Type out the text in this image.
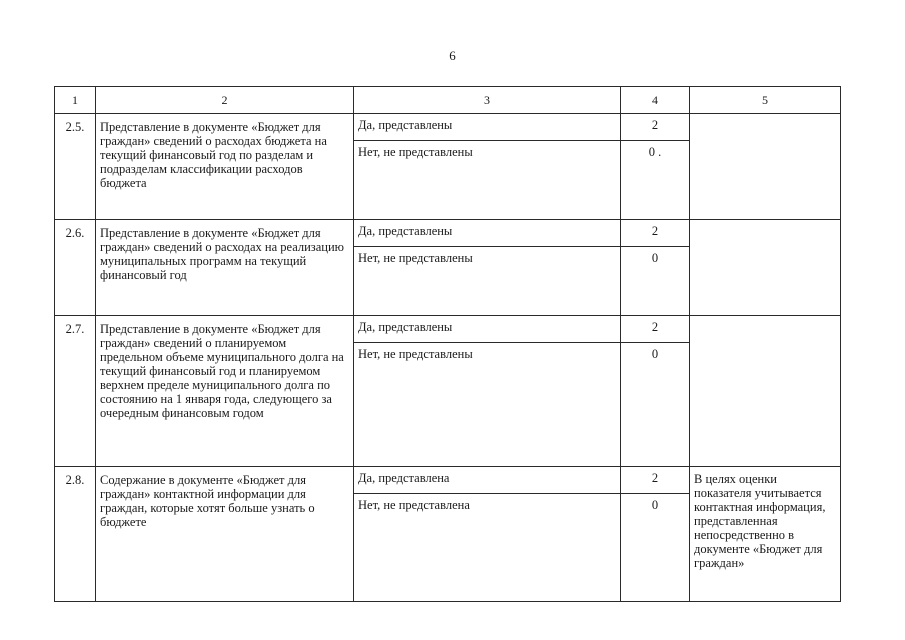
6
1	2	3	4	5
2.5.	Представление в документе «Бюджет для граждан» сведений о расходах бюджета на текущий финансовый год по разделам и подразделам классификации расходов бюджета	Да, представлены	2	
		Нет, не представлены	0 .	
2.6.	Представление в документе «Бюджет для граждан» сведений о расходах на реализацию муниципальных программ на текущий финансовый год	Да, представлены	2	
		Нет, не представлены	0	
2.7.	Представление в документе «Бюджет для граждан» сведений о планируемом предельном объеме муниципального долга на текущий финансовый год и планируемом верхнем пределе муниципального долга по состоянию на 1 января года, следующего за очередным финансовым годом	Да, представлены	2	
		Нет, не представлены	0	
2.8.	Содержание в документе «Бюджет для граждан» контактной информации для граждан, которые хотят больше узнать о бюджете	Да, представлена	2	В целях оценки показателя учитывается контактная информация, представленная непосредственно в документе «Бюджет для граждан»
		Нет, не представлена	0	
